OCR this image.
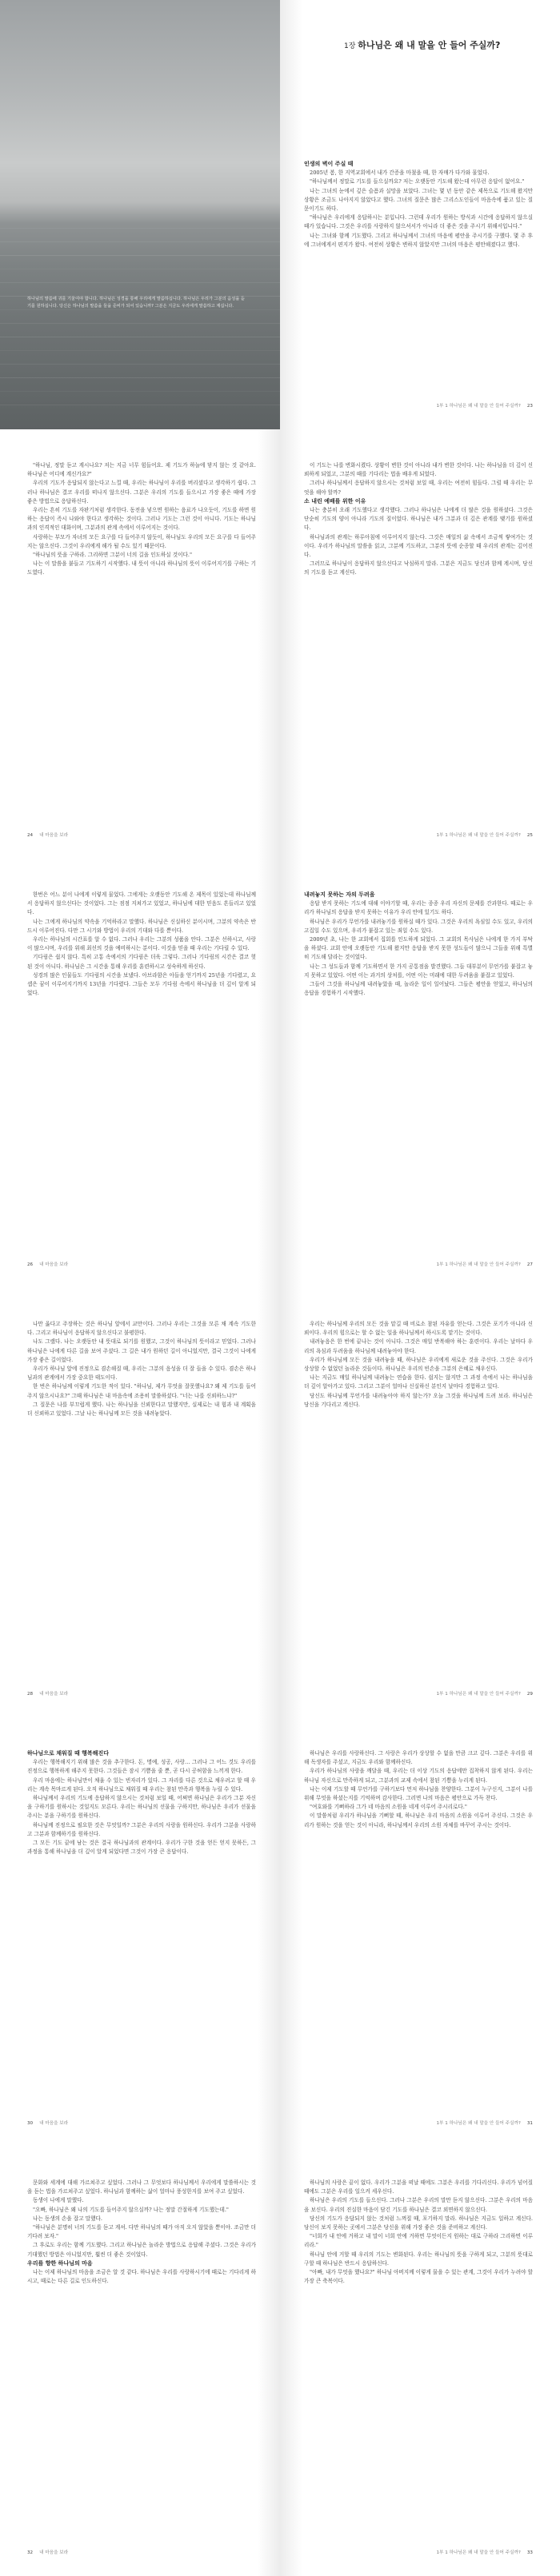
하나님의 말씀에 귀를 기울여야 합니다. 하나님은 성경을 통해 우리에게 말씀하십니다. 하나님은 우리가 그분의 음성을 듣기를 원하십니다. 당신은 하나님의 말씀을 들을 준비가 되어 있습니까? 그분은 지금도 우리에게 말씀하고 계십니다.
1장 하나님은 왜 내 말을 안 들어 주실까?

인생의 벽이 주실 때

2005년 봄, 한 지역교회에서 내가 간증을 마쳤을 때, 한 자매가 다가와 물었다.

"하나님께서 정말로 기도를 들으실까요? 저는 오랫동안 기도해 왔는데 아무런 응답이 없어요."

나는 그녀의 눈에서 깊은 슬픔과 실망을 보았다. 그녀는 몇 년 동안 같은 제목으로 기도해 왔지만 상황은 조금도 나아지지 않았다고 했다. 그녀의 질문은 많은 그리스도인들이 마음속에 품고 있는 질문이기도 하다.

"하나님은 우리에게 응답하시는 분입니다. 그런데 우리가 원하는 방식과 시간에 응답하지 않으실 때가 있습니다. 그것은 우리를 사랑하지 않으셔서가 아니라 더 좋은 것을 주시기 위해서입니다."

나는 그녀와 함께 기도했다. 그리고 하나님께서 그녀의 마음에 평안을 주시기를 구했다. 몇 주 후에 그녀에게서 편지가 왔다. 여전히 상황은 변하지 않았지만 그녀의 마음은 평안해졌다고 했다.

1부 1 하나님은 왜 내 말을 안 들어 주실까? 23

"하나님, 정말 듣고 계시나요? 저는 지금 너무 힘들어요. 제 기도가 하늘에 닿지 않는 것 같아요. 하나님은 어디에 계신가요?"

우리의 기도가 응답되지 않는다고 느낄 때, 우리는 하나님이 우리를 버리셨다고 생각하기 쉽다. 그러나 하나님은 결코 우리를 떠나지 않으신다. 그분은 우리의 기도를 들으시고 가장 좋은 때에 가장 좋은 방법으로 응답하신다.

우리는 흔히 기도를 자판기처럼 생각한다. 동전을 넣으면 원하는 음료가 나오듯이, 기도를 하면 원하는 응답이 즉시 나와야 한다고 생각하는 것이다. 그러나 기도는 그런 것이 아니다. 기도는 하나님과의 인격적인 대화이며, 그분과의 관계 속에서 이루어지는 것이다.

사랑하는 부모가 자녀의 모든 요구를 다 들어주지 않듯이, 하나님도 우리의 모든 요구를 다 들어주지는 않으신다. 그것이 우리에게 해가 될 수도 있기 때문이다.

"하나님의 뜻을 구하라. 그리하면 그분이 너의 길을 인도하실 것이다."

나는 이 말씀을 붙들고 기도하기 시작했다. 내 뜻이 아니라 하나님의 뜻이 이루어지기를 구하는 기도였다.

24 내 마음을 보라

이 기도는 나를 변화시켰다. 상황이 변한 것이 아니라 내가 변한 것이다. 나는 하나님을 더 깊이 신뢰하게 되었고, 그분의 때를 기다리는 법을 배우게 되었다.

그러나 하나님께서 응답하지 않으시는 것처럼 보일 때, 우리는 여전히 힘들다. 그럴 때 우리는 무엇을 해야 할까?

소 내린 예배를 위한 이유

나는 충분히 오래 기도했다고 생각했다. 그러나 하나님은 나에게 더 많은 것을 원하셨다. 그것은 단순히 기도의 양이 아니라 기도의 질이었다. 하나님은 내가 그분과 더 깊은 관계를 맺기를 원하셨다.

하나님과의 관계는 하루아침에 이루어지지 않는다. 그것은 매일의 삶 속에서 조금씩 쌓여가는 것이다. 우리가 하나님의 말씀을 읽고, 그분께 기도하고, 그분의 뜻에 순종할 때 우리의 관계는 깊어진다.

그러므로 하나님이 응답하지 않으신다고 낙심하지 말라. 그분은 지금도 당신과 함께 계시며, 당신의 기도를 듣고 계신다.

1부 1 하나님은 왜 내 말을 안 들어 주실까? 25

한번은 어느 분이 나에게 이렇게 물었다. 그에게는 오랫동안 기도해 온 제목이 있었는데 하나님께서 응답하지 않으신다는 것이었다. 그는 점점 지쳐가고 있었고, 하나님에 대한 믿음도 흔들리고 있었다.

나는 그에게 하나님의 약속을 기억하라고 말했다. 하나님은 신실하신 분이시며, 그분의 약속은 반드시 이루어진다. 다만 그 시기와 방법이 우리의 기대와 다를 뿐이다.

우리는 하나님의 시간표를 알 수 없다. 그러나 우리는 그분의 성품을 안다. 그분은 선하시고, 사랑이 많으시며, 우리를 위해 최선의 것을 예비하시는 분이다. 이것을 믿을 때 우리는 기다릴 수 있다.

기다림은 쉽지 않다. 특히 고통 속에서의 기다림은 더욱 그렇다. 그러나 기다림의 시간은 결코 헛된 것이 아니다. 하나님은 그 시간을 통해 우리를 훈련하시고 성숙하게 하신다.

성경의 많은 인물들도 기다림의 시간을 보냈다. 아브라함은 아들을 얻기까지 25년을 기다렸고, 요셉은 꿈이 이루어지기까지 13년을 기다렸다. 그들은 모두 기다림 속에서 하나님을 더 깊이 알게 되었다.

26 내 마음을 보라

내려놓지 못하는 자의 두려움

응답 받지 못하는 기도에 대해 이야기할 때, 우리는 종종 우리 자신의 문제를 간과한다. 때로는 우리가 하나님의 응답을 받지 못하는 이유가 우리 안에 있기도 하다.

하나님은 우리가 무언가를 내려놓기를 원하실 때가 있다. 그것은 우리의 욕심일 수도 있고, 우리의 고집일 수도 있으며, 우리가 붙잡고 있는 죄일 수도 있다.

2009년 초, 나는 한 교회에서 집회를 인도하게 되었다. 그 교회의 목사님은 나에게 한 가지 부탁을 하셨다. 교회 안에 오랫동안 기도해 왔지만 응답을 받지 못한 성도들이 많으니 그들을 위해 특별히 기도해 달라는 것이었다.

나는 그 성도들과 함께 기도하면서 한 가지 공통점을 발견했다. 그들 대부분이 무언가를 붙잡고 놓지 못하고 있었다. 어떤 이는 과거의 상처를, 어떤 이는 미래에 대한 두려움을 붙잡고 있었다.

그들이 그것을 하나님께 내려놓았을 때, 놀라운 일이 일어났다. 그들은 평안을 얻었고, 하나님의 응답을 경험하기 시작했다.

1부 1 하나님은 왜 내 말을 안 들어 주실까? 27

나만 옳다고 주장하는 것은 하나님 앞에서 교만이다. 그러나 우리는 그것을 모른 채 계속 기도한다. 그리고 하나님이 응답하지 않으신다고 불평한다.

나도 그랬다. 나는 오랫동안 내 뜻대로 되기를 원했고, 그것이 하나님의 뜻이라고 믿었다. 그러나 하나님은 나에게 다른 길을 보여 주셨다. 그 길은 내가 원하던 길이 아니었지만, 결국 그것이 나에게 가장 좋은 길이었다.

우리가 하나님 앞에 진정으로 겸손해질 때, 우리는 그분의 음성을 더 잘 들을 수 있다. 겸손은 하나님과의 관계에서 가장 중요한 태도이다.

한 번은 하나님께 이렇게 기도한 적이 있다. "하나님, 제가 무엇을 잘못했나요? 왜 제 기도를 들어주지 않으시나요?" 그때 하나님은 내 마음속에 조용히 말씀하셨다. "너는 나를 신뢰하느냐?"

그 질문은 나를 부끄럽게 했다. 나는 하나님을 신뢰한다고 말했지만, 실제로는 내 힘과 내 계획을 더 신뢰하고 있었다. 그날 나는 하나님께 모든 것을 내려놓았다.

28 내 마음을 보라

우리는 하나님께 우리의 모든 것을 맡길 때 비로소 참된 자유를 얻는다. 그것은 포기가 아니라 신뢰이다. 우리의 힘으로는 할 수 없는 일을 하나님께서 하시도록 맡기는 것이다.

내려놓음은 한 번에 끝나는 것이 아니다. 그것은 매일 반복해야 하는 훈련이다. 우리는 날마다 우리의 욕심과 두려움을 하나님께 내려놓아야 한다.

우리가 하나님께 모든 것을 내려놓을 때, 하나님은 우리에게 새로운 것을 주신다. 그것은 우리가 상상할 수 없었던 놀라운 것들이다. 하나님은 우리의 빈손을 그분의 은혜로 채우신다.

나는 지금도 매일 하나님께 내려놓는 연습을 한다. 쉽지는 않지만 그 과정 속에서 나는 하나님을 더 깊이 알아가고 있다. 그리고 그분이 얼마나 신실하신 분인지 날마다 경험하고 있다.

당신도 하나님께 무언가를 내려놓아야 하지 않는가? 오늘 그것을 하나님께 드려 보라. 하나님은 당신을 기다리고 계신다.

1부 1 하나님은 왜 내 말을 안 들어 주실까? 29

하나님으로 채워질 때 행복해진다

우리는 행복해지기 위해 많은 것을 추구한다. 돈, 명예, 성공, 사랑… 그러나 그 어느 것도 우리를 진정으로 행복하게 해주지 못한다. 그것들은 잠시 기쁨을 줄 뿐, 곧 다시 공허함을 느끼게 한다.

우리 마음에는 하나님만이 채울 수 있는 빈자리가 있다. 그 자리를 다른 것으로 채우려고 할 때 우리는 계속 목마르게 된다. 오직 하나님으로 채워질 때 우리는 참된 만족과 행복을 누릴 수 있다.

하나님께서 우리의 기도에 응답하지 않으시는 것처럼 보일 때, 어쩌면 하나님은 우리가 그분 자신을 구하기를 원하시는 것일지도 모른다. 우리는 하나님의 선물을 구하지만, 하나님은 우리가 선물을 주시는 분을 구하기를 원하신다.

하나님께 진정으로 필요한 것은 무엇일까? 그분은 우리의 사랑을 원하신다. 우리가 그분을 사랑하고 그분과 함께하기를 원하신다.

그 모든 기도 끝에 남는 것은 결국 하나님과의 관계이다. 우리가 구한 것을 얻든 얻지 못하든, 그 과정을 통해 하나님을 더 깊이 알게 되었다면 그것이 가장 큰 응답이다.

30 내 마음을 보라

하나님은 우리를 사랑하신다. 그 사랑은 우리가 상상할 수 없을 만큼 크고 깊다. 그분은 우리를 위해 독생자를 주셨고, 지금도 우리와 함께하신다.

우리가 하나님의 사랑을 깨달을 때, 우리는 더 이상 기도의 응답에만 집착하지 않게 된다. 우리는 하나님 자신으로 만족하게 되고, 그분과의 교제 속에서 참된 기쁨을 누리게 된다.

나는 이제 기도할 때 무언가를 구하기보다 먼저 하나님을 찬양한다. 그분이 누구신지, 그분이 나를 위해 무엇을 하셨는지를 기억하며 감사한다. 그러면 나의 마음은 평안으로 가득 찬다.

"여호와를 기뻐하라 그가 네 마음의 소원을 네게 이루어 주시리로다."

이 말씀처럼 우리가 하나님을 기뻐할 때, 하나님은 우리 마음의 소원을 이루어 주신다. 그것은 우리가 원하는 것을 얻는 것이 아니라, 하나님께서 우리의 소원 자체를 바꾸어 주시는 것이다.

1부 1 하나님은 왜 내 말을 안 들어 주실까? 31

문화와 세계에 대해 가르쳐주고 싶었다. 그러나 그 무엇보다 하나님께서 우리에게 말씀하시는 것을 듣는 법을 가르쳐주고 싶었다. 하나님과 함께하는 삶이 얼마나 풍성한지를 보여 주고 싶었다.

동생이 나에게 말했다.

"오빠, 하나님은 왜 나의 기도를 들어주지 않으실까? 나는 정말 간절하게 기도했는데."

나는 동생의 손을 잡고 말했다.

"하나님은 분명히 너의 기도를 듣고 계셔. 다만 하나님의 때가 아직 오지 않았을 뿐이야. 조금만 더 기다려 보자."

그 후로도 우리는 함께 기도했다. 그리고 하나님은 놀라운 방법으로 응답해 주셨다. 그것은 우리가 기대했던 방법은 아니었지만, 훨씬 더 좋은 것이었다.

우리를 향한 하나님의 마음

나는 이제 하나님의 마음을 조금은 알 것 같다. 하나님은 우리를 사랑하시기에 때로는 기다리게 하시고, 때로는 다른 길로 인도하신다.

32 내 마음을 보라

하나님의 사랑은 끝이 없다. 우리가 그분을 떠날 때에도 그분은 우리를 기다리신다. 우리가 넘어질 때에도 그분은 우리를 일으켜 세우신다.

하나님은 우리의 기도를 들으신다. 그러나 그분은 우리의 말만 듣지 않으신다. 그분은 우리의 마음을 보신다. 우리의 진실한 마음이 담긴 기도를 하나님은 결코 외면하지 않으신다.

당신의 기도가 응답되지 않는 것처럼 느껴질 때, 포기하지 말라. 하나님은 지금도 일하고 계신다. 당신이 보지 못하는 곳에서 그분은 당신을 위해 가장 좋은 것을 준비하고 계신다.

"너희가 내 안에 거하고 내 말이 너희 안에 거하면 무엇이든지 원하는 대로 구하라 그리하면 이루리라."

하나님 안에 거할 때 우리의 기도는 변화된다. 우리는 하나님의 뜻을 구하게 되고, 그분의 뜻대로 구할 때 하나님은 반드시 응답하신다.

"아빠, 내가 무엇을 했나요?" 하나님 아버지께 이렇게 물을 수 있는 관계, 그것이 우리가 누려야 할 가장 큰 축복이다.

1부 1 하나님은 왜 내 말을 안 들어 주실까? 33
